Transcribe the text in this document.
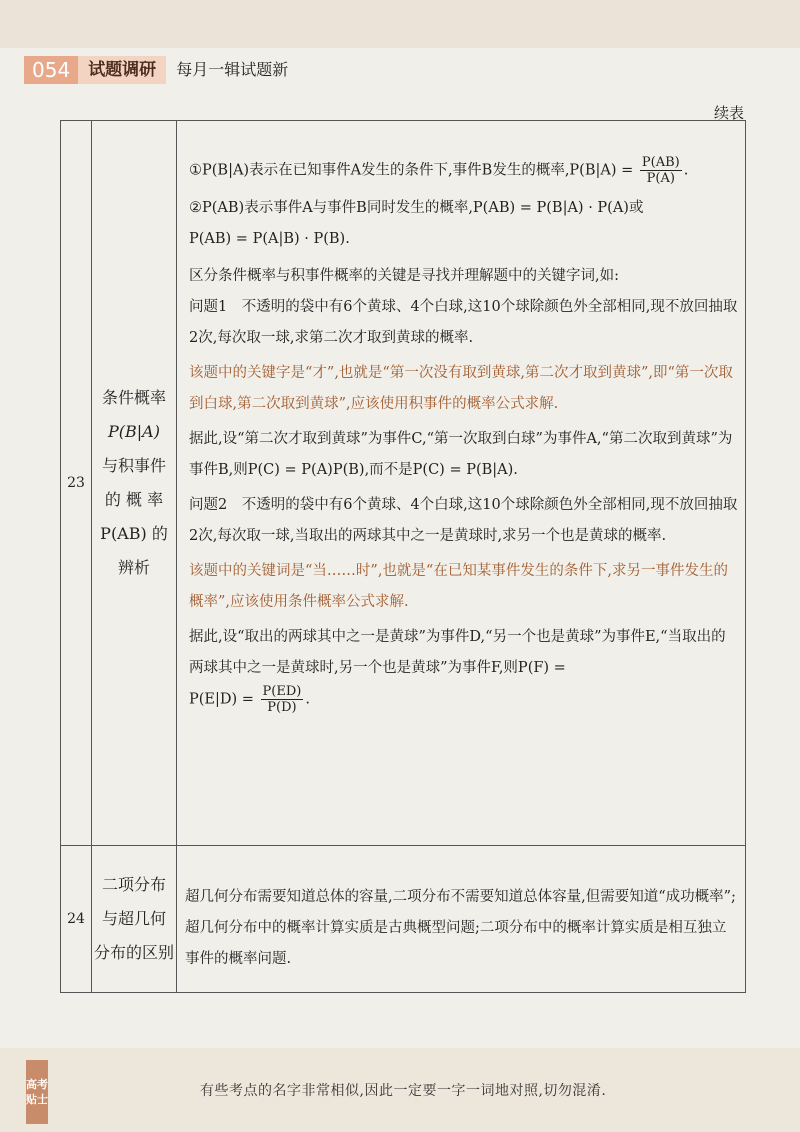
054	试题调研	每月一辑试题新
续表
23
条件概率
P(B|A)
与积事件
的 概 率
P(AB) 的
辨析

①P(B|A)表示在已知事件A发生的条件下,事件B发生的概率$,P(B|A) = \frac{P(AB)}{P(A)}$ .

②P(AB)表示事件A与事件B同时发生的概率,P(AB) = P(B|A) · P(A)或

P(AB) = P(A|B) · P(B).

区分条件概率与积事件概率的关键是寻找并理解题中的关键字词,如:

问题1　不透明的袋中有6个黄球、4个白球,这10个球除颜色外全部相同,现不放回抽取2次,每次取一球,求第二次才取到黄球的概率.

该题中的关键字是“才”,也就是“第一次没有取到黄球,第二次才取到黄球”,即“第一次取到白球,第二次取到黄球”,应该使用积事件的概率公式求解.

据此,设“第二次才取到黄球”为事件C,“第一次取到白球”为事件A,“第二次取到黄球”为事件B,则P(C) = P(A)P(B),而不是P(C) = P(B|A).

问题2　不透明的袋中有6个黄球、4个白球,这10个球除颜色外全部相同,现不放回抽取2次,每次取一球,当取出的两球其中之一是黄球时,求另一个也是黄球的概率.

该题中的关键词是“当……时”,也就是“在已知某事件发生的条件下,求另一事件发生的概率”,应该使用条件概率公式求解.

据此,设“取出的两球其中之一是黄球”为事件D,“另一个也是黄球”为事件E,“当取出的两球其中之一是黄球时,另一个也是黄球”为事件F,则P(F) =

$P(E|D) = \frac{P(ED)}{P(D)}$ .

24
二项分布
与超几何
分布的区别

超几何分布需要知道总体的容量,二项分布不需要知道总体容量,但需要知道“成功概率”;超几何分布中的概率计算实质是古典概型问题;二项分布中的概率计算实质是相互独立事件的概率问题.

高考贴士
有些考点的名字非常相似,因此一定要一字一词地对照,切勿混淆.
